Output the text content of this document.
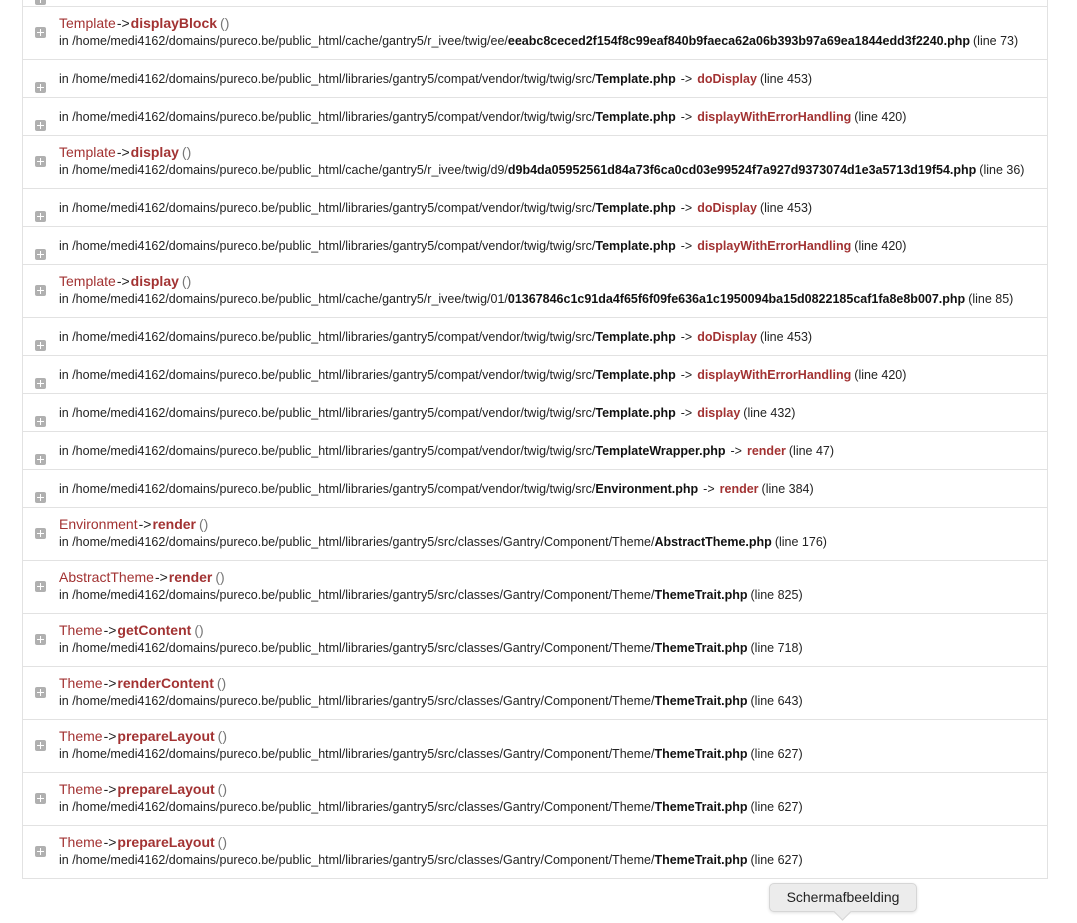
Template->displayBlock ()
in /home/medi4162/domains/pureco.be/public_html/cache/gantry5/r_ivee/twig/ee/eeabc8ceced2f154f8c99eaf840b9faeca62a06b393b97a69ea1844edd3f2240.php (line 73)
in /home/medi4162/domains/pureco.be/public_html/libraries/gantry5/compat/vendor/twig/twig/src/Template.php -> doDisplay (line 453)
in /home/medi4162/domains/pureco.be/public_html/libraries/gantry5/compat/vendor/twig/twig/src/Template.php -> displayWithErrorHandling (line 420)
Template->display ()
in /home/medi4162/domains/pureco.be/public_html/cache/gantry5/r_ivee/twig/d9/d9b4da05952561d84a73f6ca0cd03e99524f7a927d9373074d1e3a5713d19f54.php (line 36)
in /home/medi4162/domains/pureco.be/public_html/libraries/gantry5/compat/vendor/twig/twig/src/Template.php -> doDisplay (line 453)
in /home/medi4162/domains/pureco.be/public_html/libraries/gantry5/compat/vendor/twig/twig/src/Template.php -> displayWithErrorHandling (line 420)
Template->display ()
in /home/medi4162/domains/pureco.be/public_html/cache/gantry5/r_ivee/twig/01/01367846c1c91da4f65f6f09fe636a1c1950094ba15d0822185caf1fa8e8b007.php (line 85)
in /home/medi4162/domains/pureco.be/public_html/libraries/gantry5/compat/vendor/twig/twig/src/Template.php -> doDisplay (line 453)
in /home/medi4162/domains/pureco.be/public_html/libraries/gantry5/compat/vendor/twig/twig/src/Template.php -> displayWithErrorHandling (line 420)
in /home/medi4162/domains/pureco.be/public_html/libraries/gantry5/compat/vendor/twig/twig/src/Template.php -> display (line 432)
in /home/medi4162/domains/pureco.be/public_html/libraries/gantry5/compat/vendor/twig/twig/src/TemplateWrapper.php -> render (line 47)
in /home/medi4162/domains/pureco.be/public_html/libraries/gantry5/compat/vendor/twig/twig/src/Environment.php -> render (line 384)
Environment->render ()
in /home/medi4162/domains/pureco.be/public_html/libraries/gantry5/src/classes/Gantry/Component/Theme/AbstractTheme.php (line 176)
AbstractTheme->render ()
in /home/medi4162/domains/pureco.be/public_html/libraries/gantry5/src/classes/Gantry/Component/Theme/ThemeTrait.php (line 825)
Theme->getContent ()
in /home/medi4162/domains/pureco.be/public_html/libraries/gantry5/src/classes/Gantry/Component/Theme/ThemeTrait.php (line 718)
Theme->renderContent ()
in /home/medi4162/domains/pureco.be/public_html/libraries/gantry5/src/classes/Gantry/Component/Theme/ThemeTrait.php (line 643)
Theme->prepareLayout ()
in /home/medi4162/domains/pureco.be/public_html/libraries/gantry5/src/classes/Gantry/Component/Theme/ThemeTrait.php (line 627)
Theme->prepareLayout ()
in /home/medi4162/domains/pureco.be/public_html/libraries/gantry5/src/classes/Gantry/Component/Theme/ThemeTrait.php (line 627)
Theme->prepareLayout ()
in /home/medi4162/domains/pureco.be/public_html/libraries/gantry5/src/classes/Gantry/Component/Theme/ThemeTrait.php (line 627)
Schermafbeelding
